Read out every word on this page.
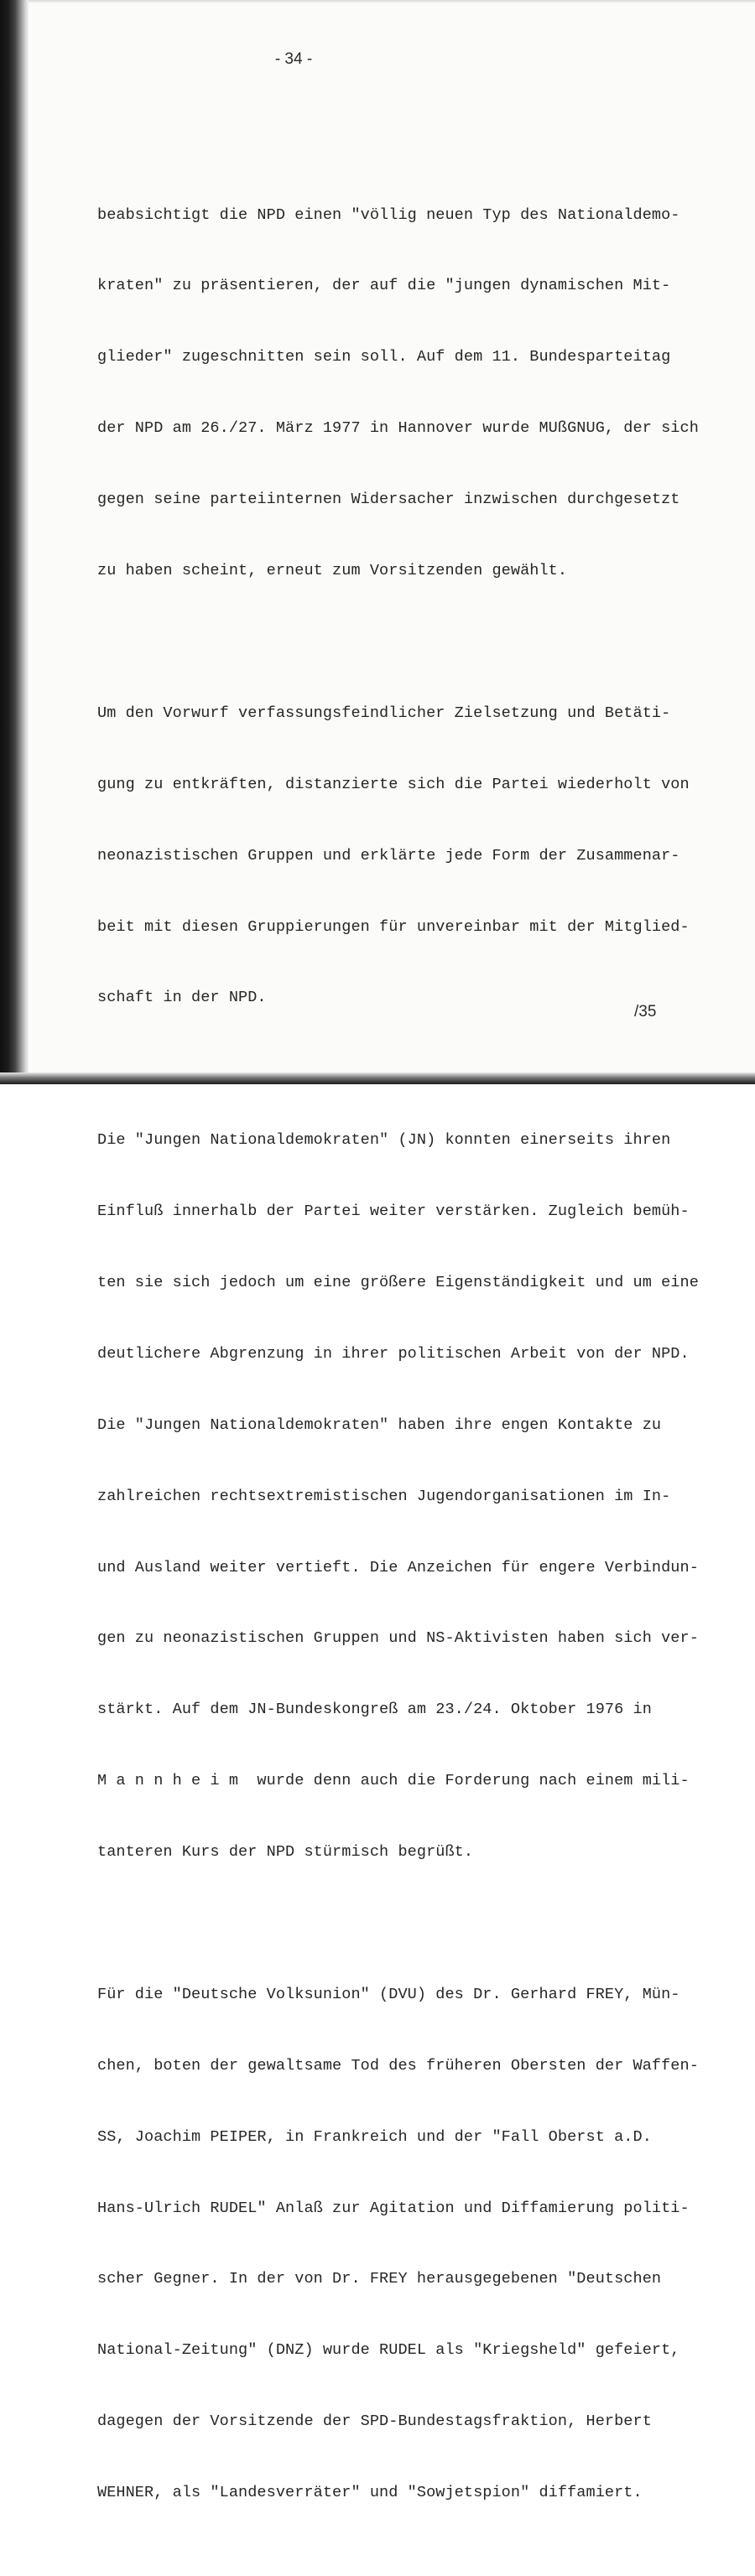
- 34 -

beabsichtigt die NPD einen "völlig neuen Typ des Nationaldemo-

kraten" zu präsentieren, der auf die "jungen dynamischen Mit-

glieder" zugeschnitten sein soll. Auf dem 11. Bundesparteitag

der NPD am 26./27. März 1977 in Hannover wurde MUßGNUG, der sich

gegen seine parteiinternen Widersacher inzwischen durchgesetzt

zu haben scheint, erneut zum Vorsitzenden gewählt.

Um den Vorwurf verfassungsfeindlicher Zielsetzung und Betäti-

gung zu entkräften, distanzierte sich die Partei wiederholt von

neonazistischen Gruppen und erklärte jede Form der Zusammenar-

beit mit diesen Gruppierungen für unvereinbar mit der Mitglied-

schaft in der NPD.

Die "Jungen Nationaldemokraten" (JN) konnten einerseits ihren

Einfluß innerhalb der Partei weiter verstärken. Zugleich bemüh-

ten sie sich jedoch um eine größere Eigenständigkeit und um eine

deutlichere Abgrenzung in ihrer politischen Arbeit von der NPD.

Die "Jungen Nationaldemokraten" haben ihre engen Kontakte zu

zahlreichen rechtsextremistischen Jugendorganisationen im In-

und Ausland weiter vertieft. Die Anzeichen für engere Verbindun-

gen zu neonazistischen Gruppen und NS-Aktivisten haben sich ver-

stärkt. Auf dem JN-Bundeskongreß am 23./24. Oktober 1976 in

M a n n h e i m  wurde denn auch die Forderung nach einem mili-

tanteren Kurs der NPD stürmisch begrüßt.

Für die "Deutsche Volksunion" (DVU) des Dr. Gerhard FREY, Mün-

chen, boten der gewaltsame Tod des früheren Obersten der Waffen-

SS, Joachim PEIPER, in Frankreich und der "Fall Oberst a.D.

Hans-Ulrich RUDEL" Anlaß zur Agitation und Diffamierung politi-

scher Gegner. In der von Dr. FREY herausgegebenen "Deutschen

National-Zeitung" (DNZ) wurde RUDEL als "Kriegsheld" gefeiert,

dagegen der Vorsitzende der SPD-Bundestagsfraktion, Herbert

WEHNER, als "Landesverräter" und "Sowjetspion" diffamiert.

/35
